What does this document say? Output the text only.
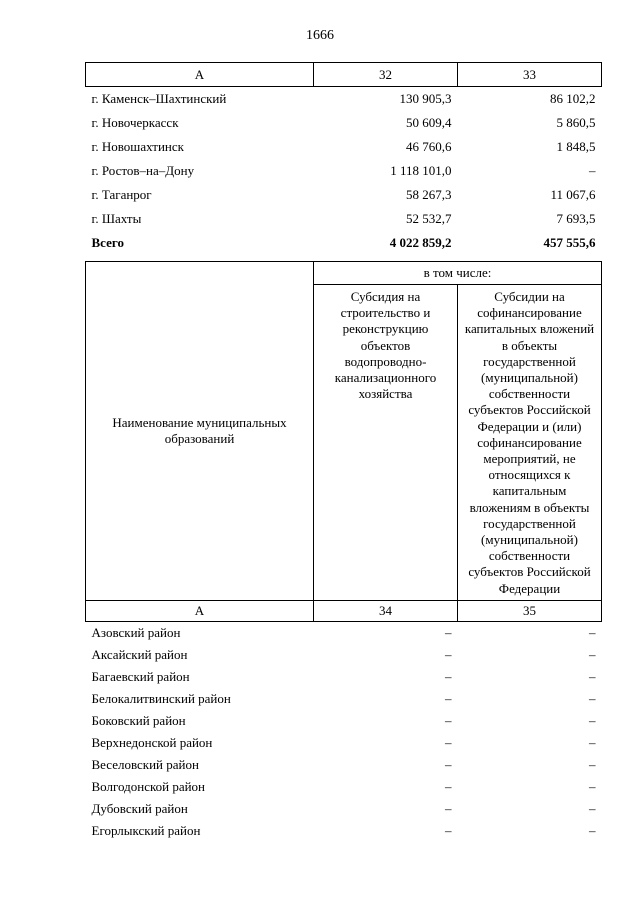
1666
А	32	33
г. Каменск–Шахтинский	130 905,3	86 102,2
г. Новочеркасск	50 609,4	5 860,5
г. Новошахтинск	46 760,6	1 848,5
г. Ростов–на–Дону	1 118 101,0	–
г. Таганрог	58 267,3	11 067,6
г. Шахты	52 532,7	7 693,5
Всего	4 022 859,2	457 555,6
Наименование муниципальных образований	в том числе:	

	Субсидия на строительство и реконструкцию объектов водопроводно-канализационного хозяйства	Субсидии на софинансирование капитальных вложений в объекты государственной (муниципальной) собственности субъектов Российской Федерации и (или) софинансирование мероприятий, не относящихся к капитальным вложениям в объекты государственной (муниципальной) собственности субъектов Российской Федерации

А	34	35
Азовский район	–	–
Аксайский район	–	–
Багаевский район	–	–
Белокалитвинский район	–	–
Боковский район	–	–
Верхнедонской район	–	–
Веселовский район	–	–
Волгодонской район	–	–
Дубовский район	–	–
Егорлыкский район	–	–
